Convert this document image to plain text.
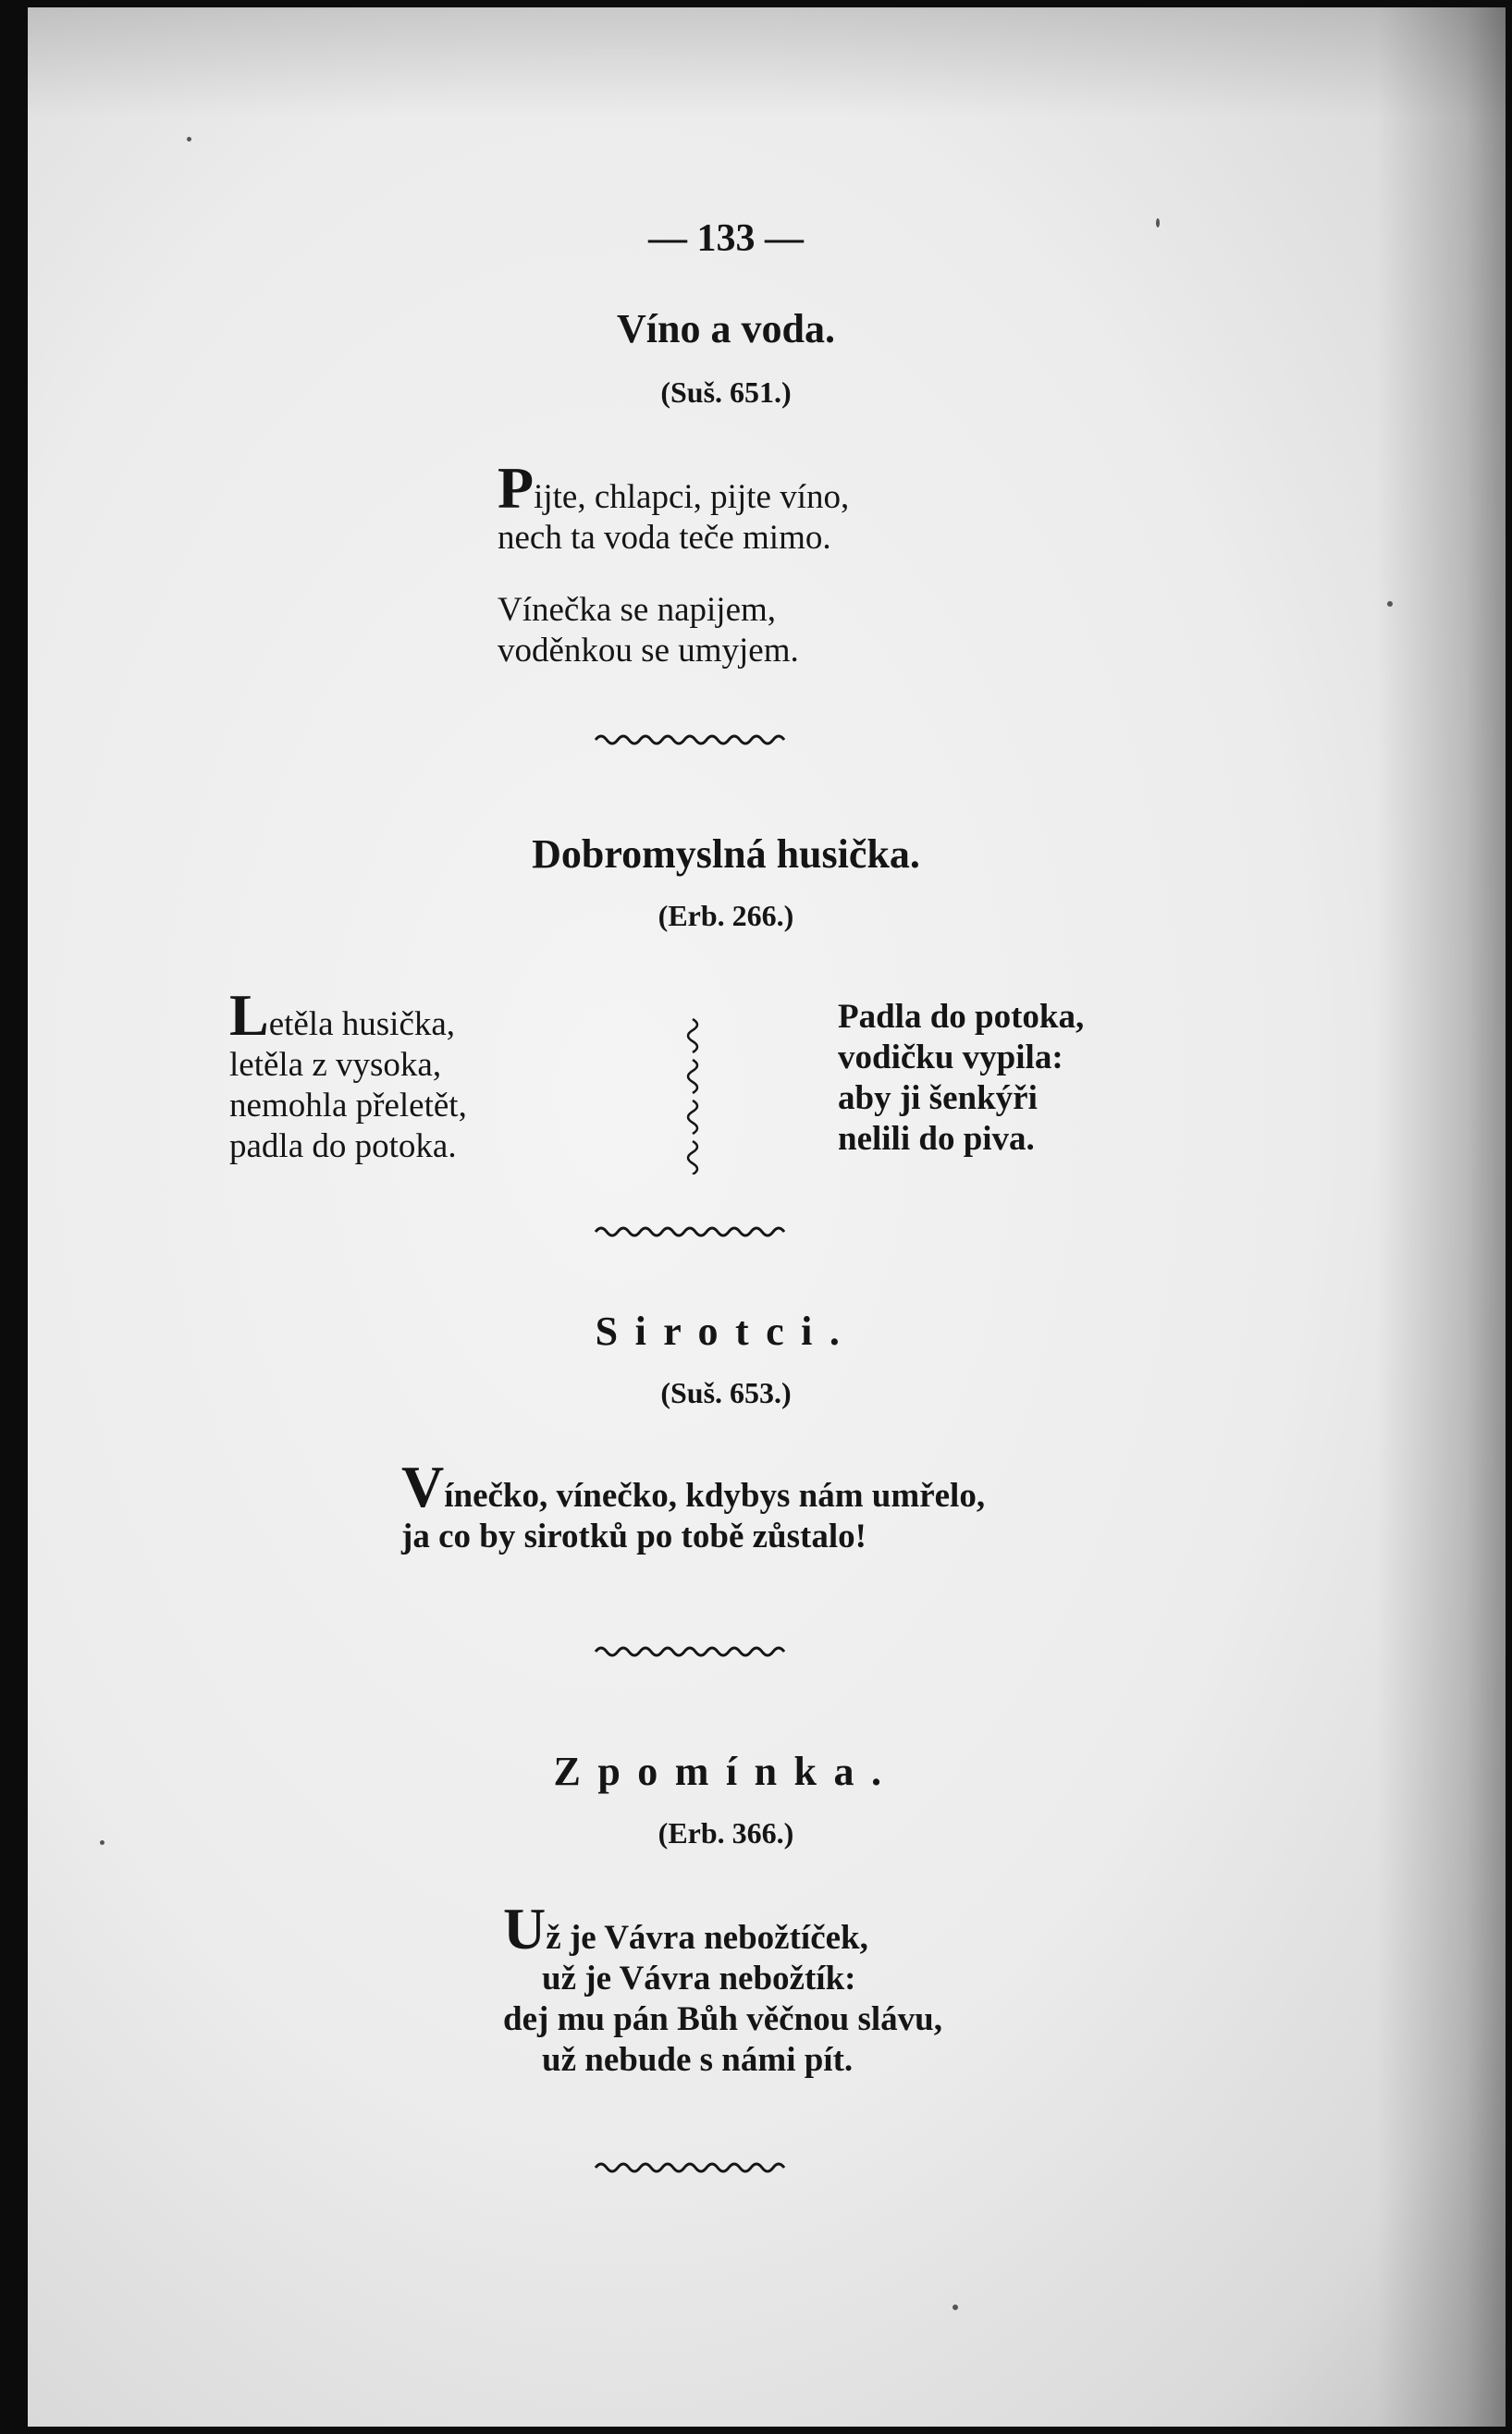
— 133 —
Víno a voda.
(Suš. 651.)
Pijte, chlapci, pijte víno,
nech ta voda teče mimo.
Vínečka se napijem,
voděnkou se umyjem.
Dobromyslná husička.
(Erb. 266.)
Letěla husička,
letěla z vysoka,
nemohla přeletět,
padla do potoka.
Padla do potoka,
vodičku vypila:
aby ji šenkýři
nelili do piva.
Sirotci.
(Suš. 653.)
Vínečko, vínečko, kdybys nám umřelo,
ja co by sirotků po tobě zůstalo!
Zpomínka.
(Erb. 366.)
Už je Vávra nebožtíček,
už je Vávra nebožtík:
dej mu pán Bůh věčnou slávu,
už nebude s námi pít.
